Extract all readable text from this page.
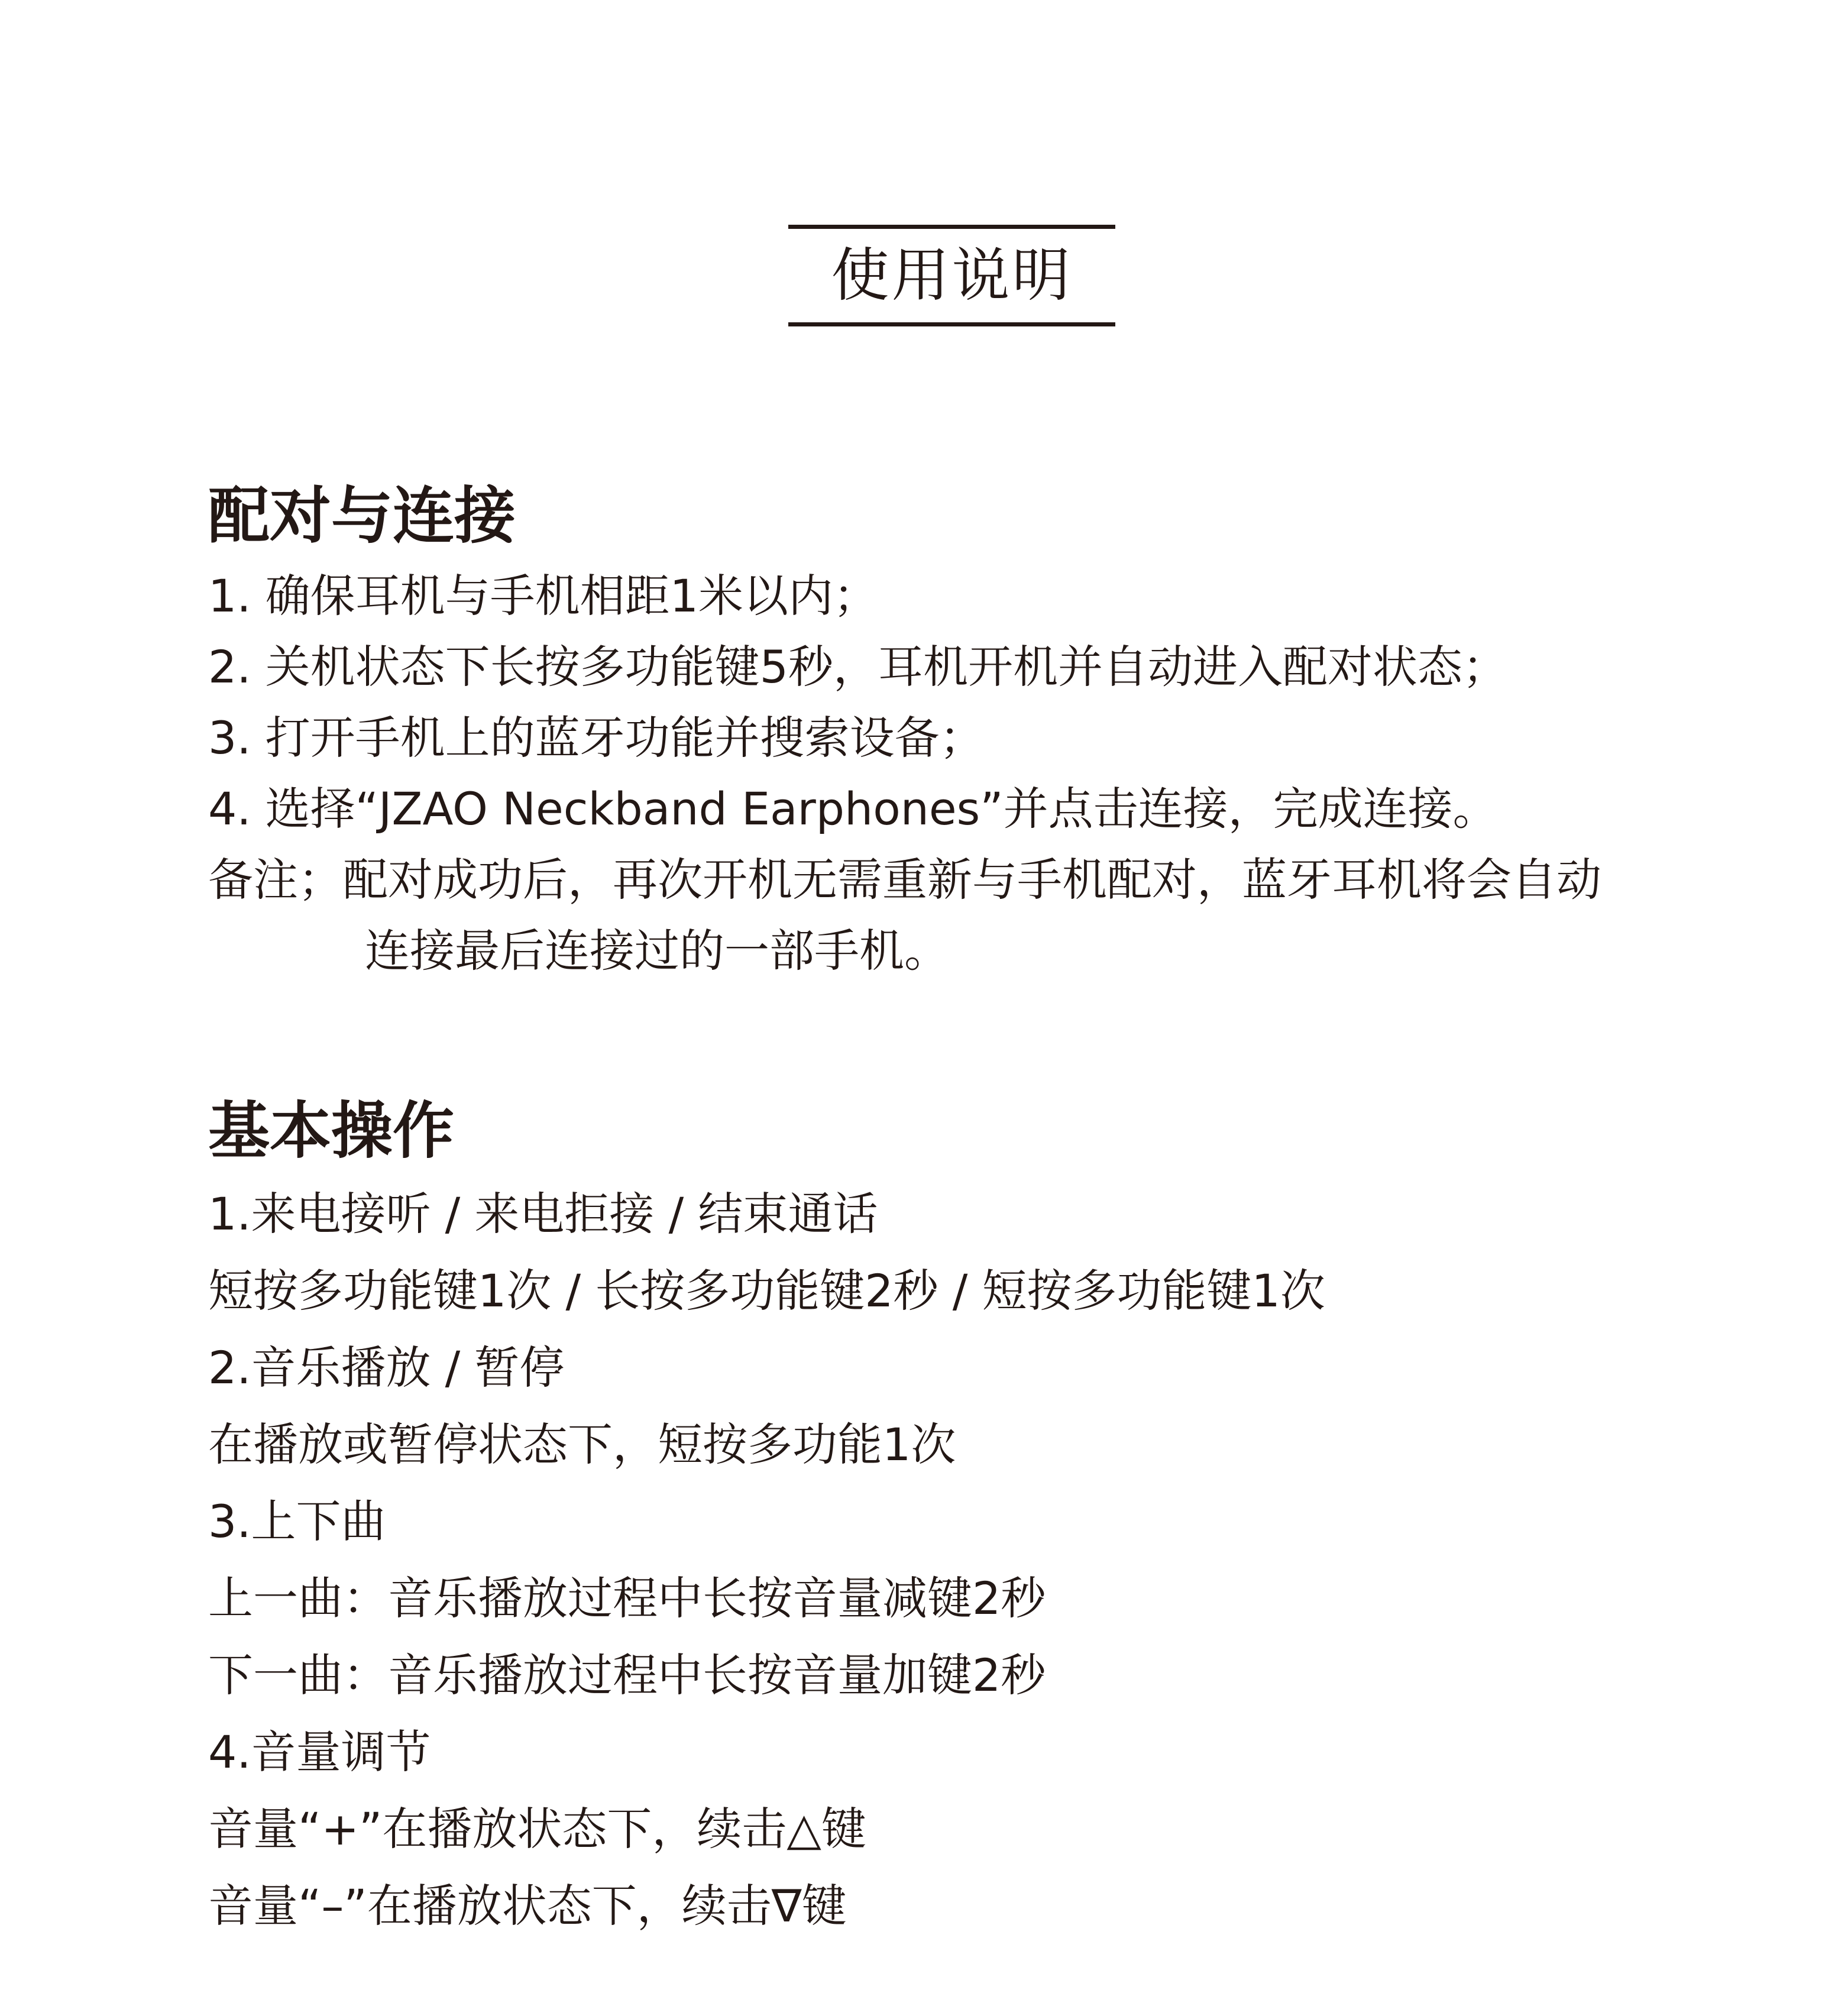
使用说明
配对与连接
1. 确保耳机与手机相距1米以内；
2. 关机状态下长按多功能键5秒，耳机开机并自动进入配对状态；
3. 打开手机上的蓝牙功能并搜索设备；
4. 选择“JZAO Neckband Earphones”并点击连接，完成连接。
备注；配对成功后，再次开机无需重新与手机配对，蓝牙耳机将会自动
连接最后连接过的一部手机。
基本操作
1.来电接听 / 来电拒接 / 结束通话
短按多功能键1次 / 长按多功能键2秒 / 短按多功能键1次
2.音乐播放 / 暂停
在播放或暂停状态下，短按多功能1次
3.上下曲
上一曲：音乐播放过程中长按音量减键2秒
下一曲：音乐播放过程中长按音量加键2秒
4.音量调节
音量“+”在播放状态下，续击△键
音量“–”在播放状态下，续击∇键
